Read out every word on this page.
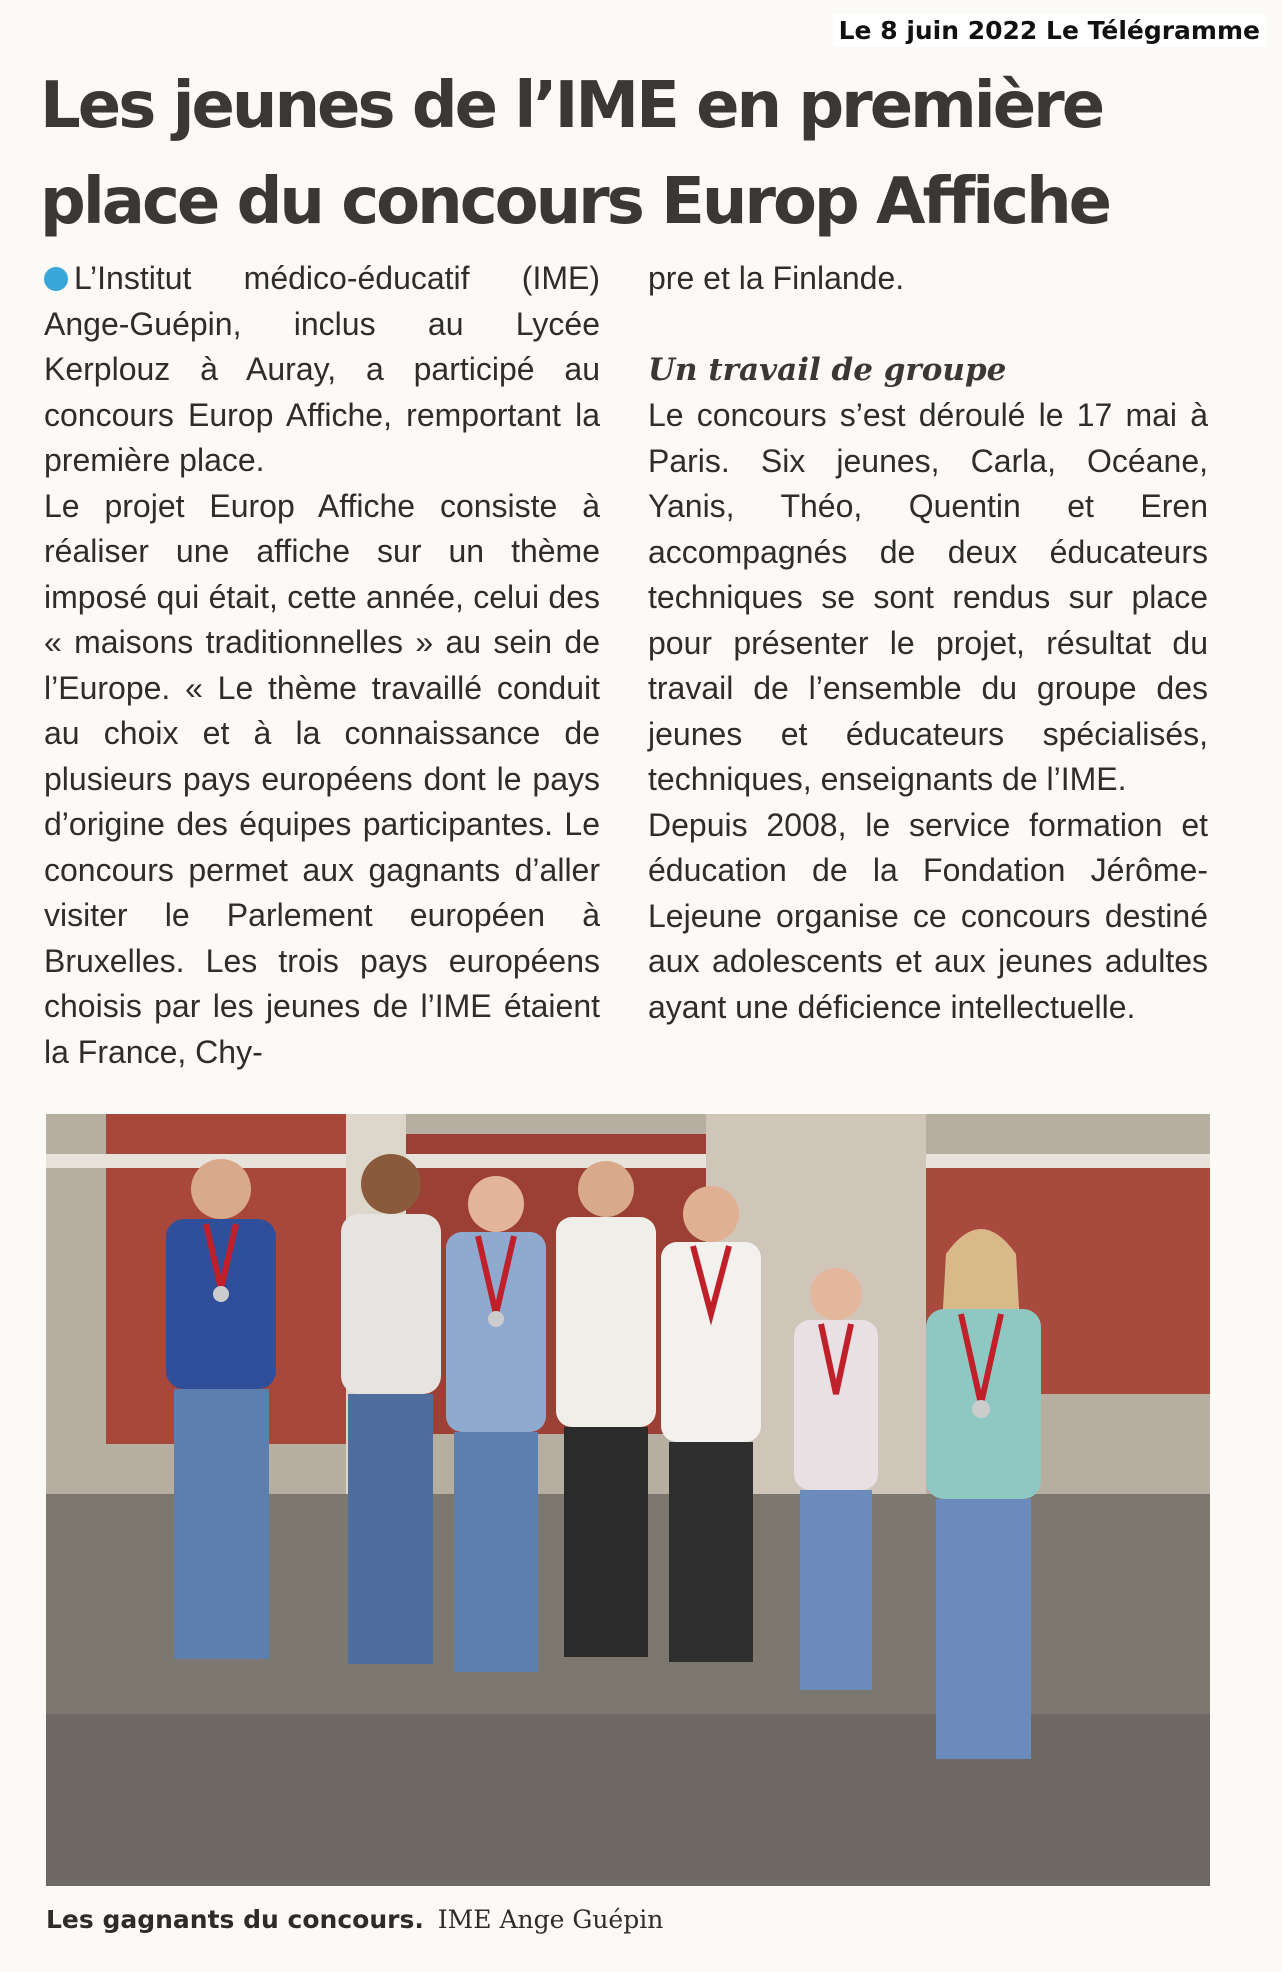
Le 8 juin 2022 Le Télégramme
Les jeunes de l’IME en première place du concours Europ Affiche

L’Institut médico-éducatif (IME) Ange-Guépin, inclus au Lycée Kerplouz à Auray, a participé au concours Europ Affiche, remportant la première place.

Le projet Europ Affiche consiste à réaliser une affiche sur un thème imposé qui était, cette année, celui des « maisons traditionnelles » au sein de l’Europe. « Le thème travaillé conduit au choix et à la connaissance de plusieurs pays européens dont le pays d’origine des équipes participantes. Le concours permet aux gagnants d’aller visiter le Parlement européen à Bruxelles. Les trois pays européens choisis par les jeunes de l’IME étaient la France, Chy-

pre et la Finlande.

Un travail de groupe

Le concours s’est déroulé le 17 mai à Paris. Six jeunes, Carla, Océane, Yanis, Théo, Quentin et Eren accompagnés de deux éducateurs techniques se sont rendus sur place pour présenter le projet, résultat du travail de l’ensemble du groupe des jeunes et éducateurs spécialisés, techniques, enseignants de l’IME.

Depuis 2008, le service formation et éducation de la Fondation Jérôme-Lejeune organise ce concours destiné aux adolescents et aux jeunes adultes ayant une déficience intellectuelle.

Les gagnants du concours. IME Ange Guépin
